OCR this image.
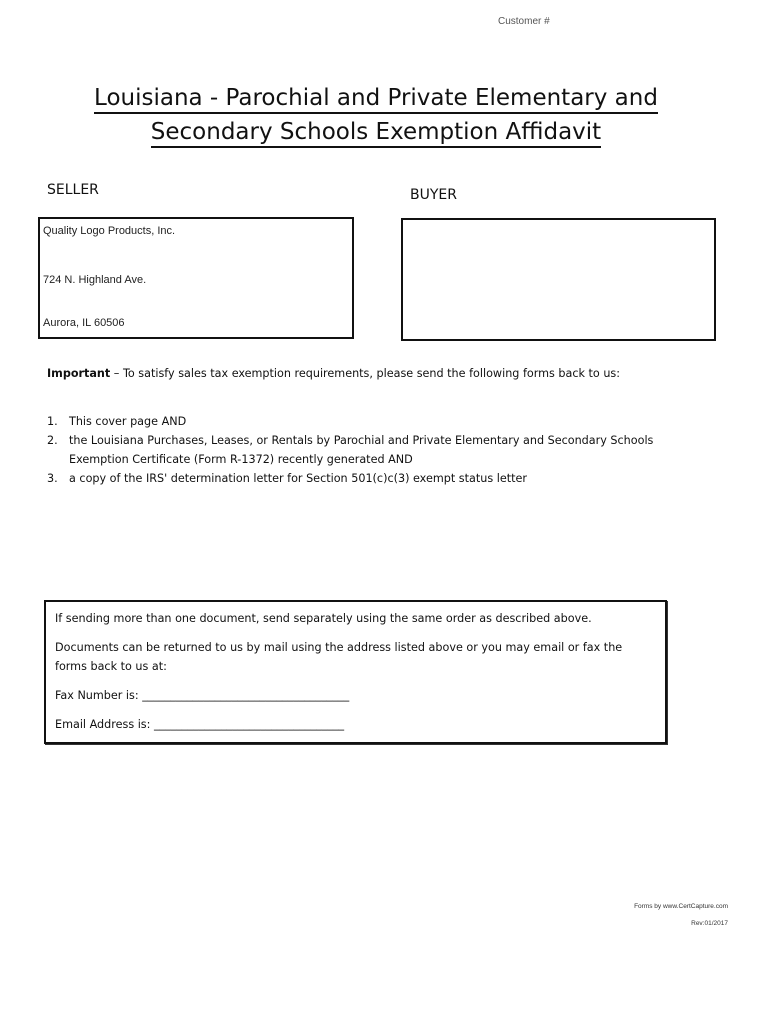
Customer #
Louisiana - Parochial and Private Elementary and
Secondary Schools Exemption Affidavit
SELLER	BUYER
Quality Logo Products, Inc.
724 N. Highland Ave.
Aurora, IL 60506
Important – To satisfy sales tax exemption requirements, please send the following forms back to us:
1. This cover page AND
2. the Louisiana Purchases, Leases, or Rentals by Parochial and Private Elementary and Secondary Schools Exemption Certificate (Form R-1372) recently generated AND
3. a copy of the IRS' determination letter for Section 501(c)c(3) exempt status letter
If sending more than one document, send separately using the same order as described above.
Documents can be returned to us by mail using the address listed above or you may email or fax the forms back to us at:
Fax Number is: _____________________________________
Email Address is: __________________________________
Forms by www.CertCapture.com
Rev:01/2017
